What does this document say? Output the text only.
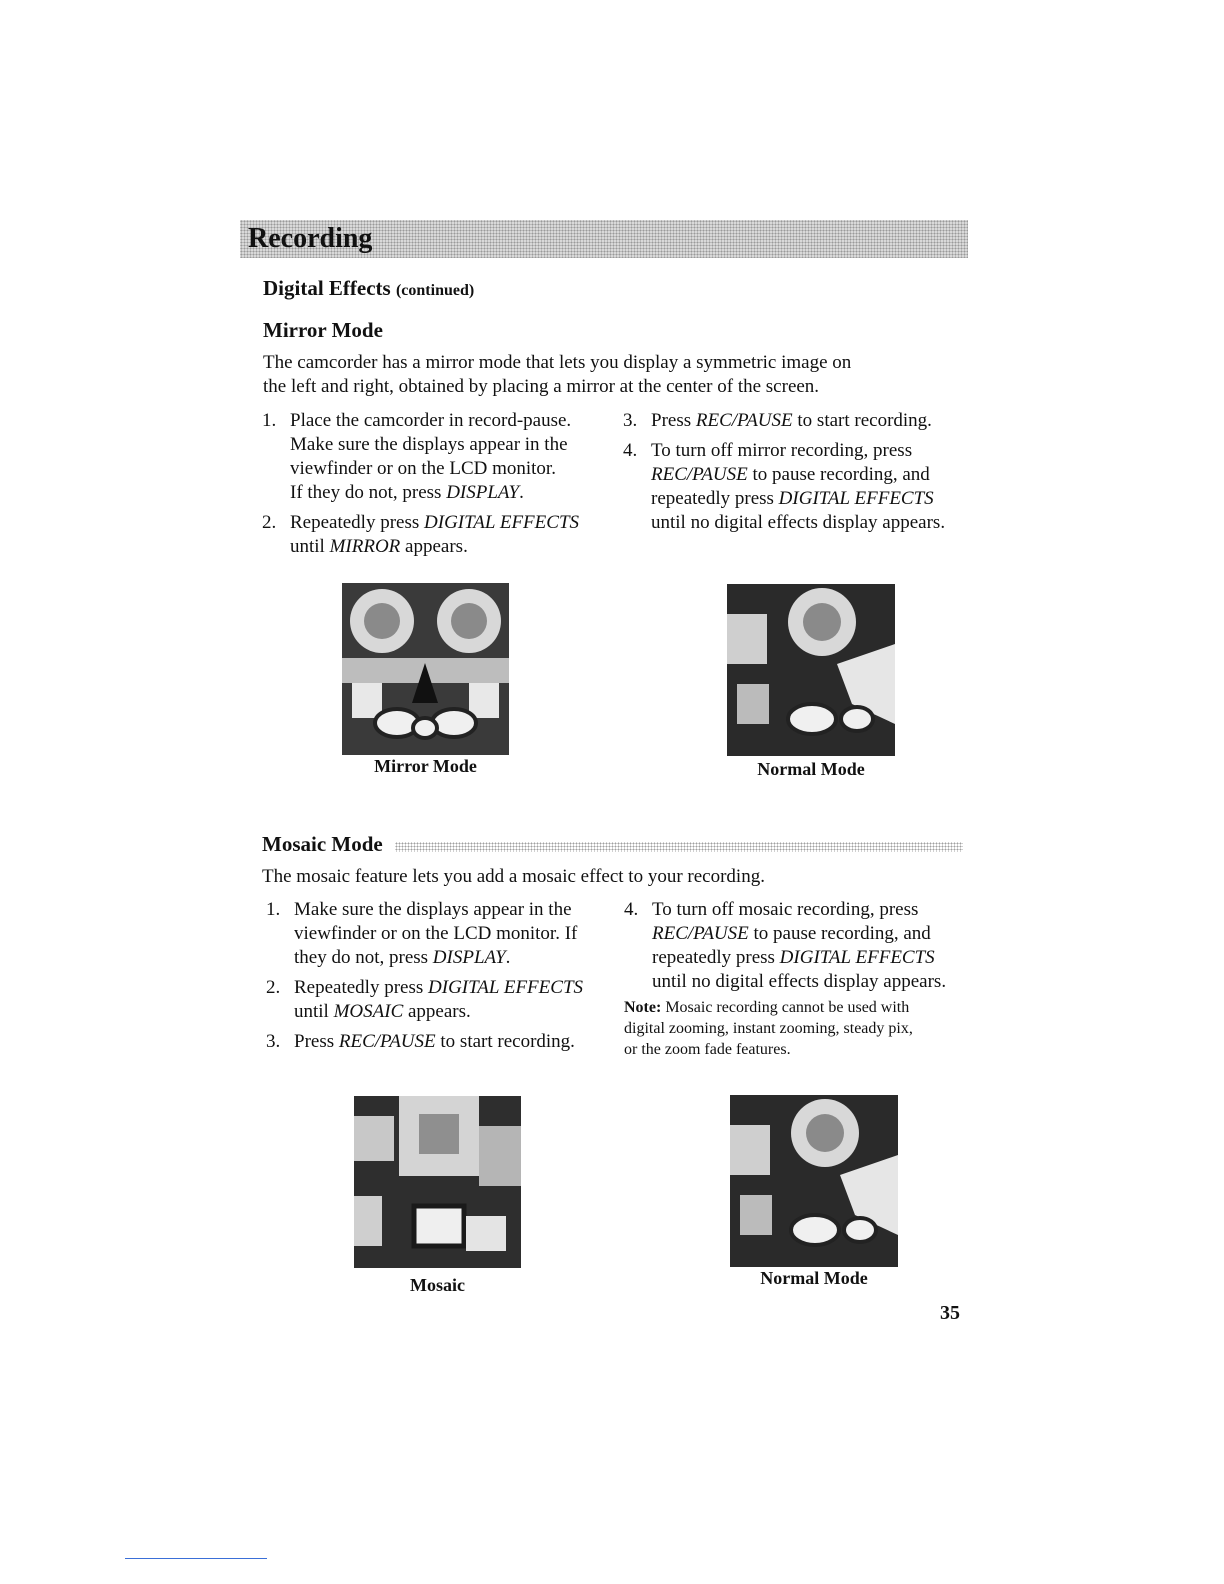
Recording
Digital Effects (continued)
Mirror Mode
The camcorder has a mirror mode that lets you display a symmetric image on
the left and right, obtained by placing a mirror at the center of the screen.
1. Place the camcorder in record-pause.
Make sure the displays appear in the
viewfinder or on the LCD monitor.
If they do not, press DISPLAY.
2. Repeatedly press DIGITAL EFFECTS
until MIRROR appears.
3. Press REC/PAUSE to start recording.
4. To turn off mirror recording, press
REC/PAUSE to pause recording, and
repeatedly press DIGITAL EFFECTS
until no digital effects display appears.
Mirror Mode	Normal Mode
Mosaic Mode
The mosaic feature lets you add a mosaic effect to your recording.
1. Make sure the displays appear in the
viewfinder or on the LCD monitor. If
they do not, press DISPLAY.
2. Repeatedly press DIGITAL EFFECTS
until MOSAIC appears.
3. Press REC/PAUSE to start recording.
4. To turn off mosaic recording, press
REC/PAUSE to pause recording, and
repeatedly press DIGITAL EFFECTS
until no digital effects display appears.
Note: Mosaic recording cannot be used with
digital zooming, instant zooming, steady pix,
or the zoom fade features.
Mosaic	Normal Mode
35
